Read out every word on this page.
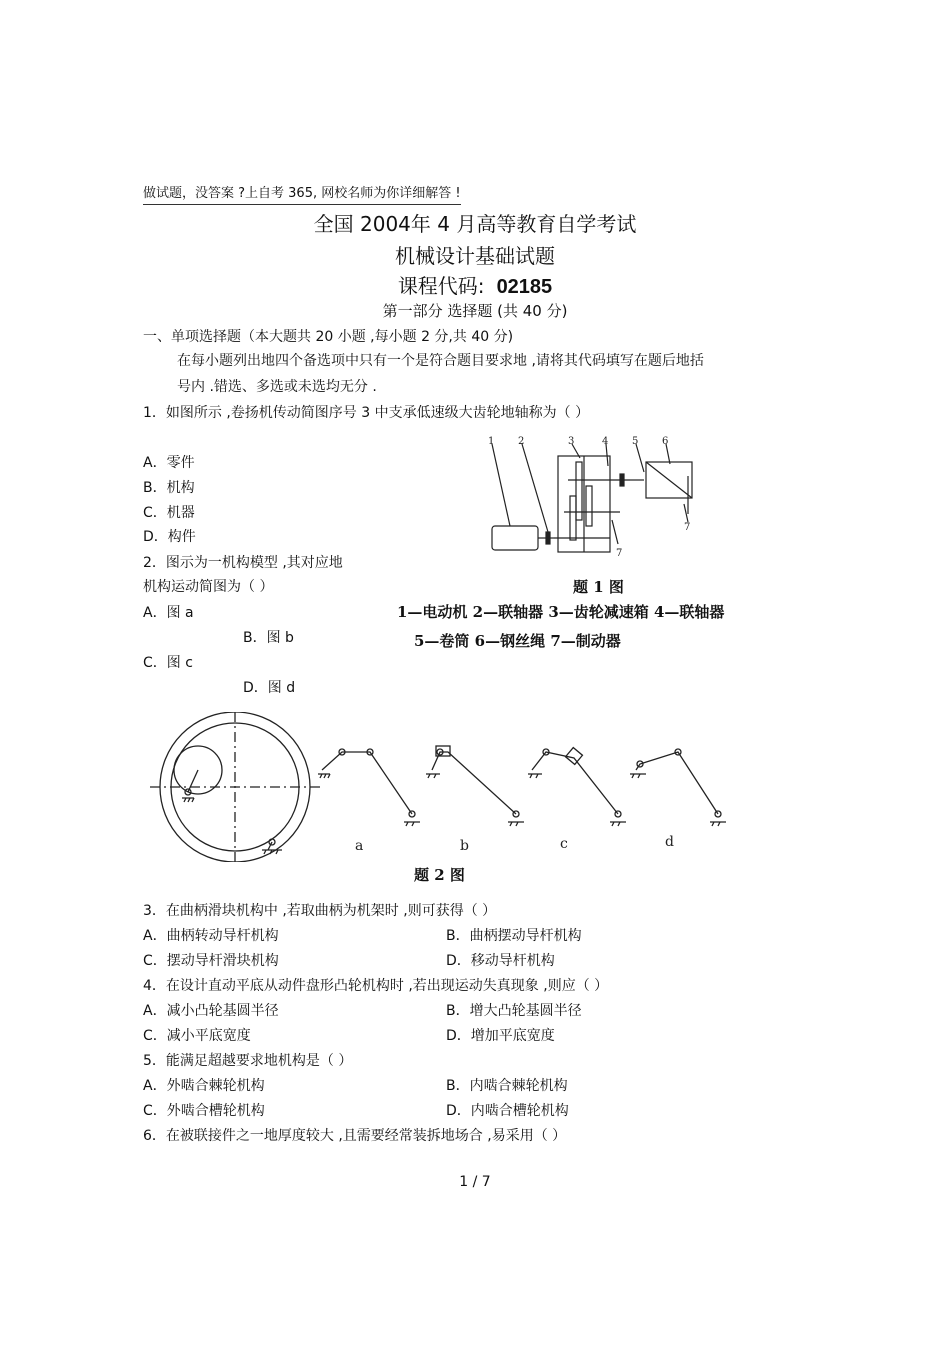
做试题，没答案 ?上自考 365, 网校名师为你详细解答 !
全国 2004年 4 月高等教育自学考试
机械设计基础试题
课程代码: 02185
第一部分 选择题 (共 40 分)
一、单项选择题（本大题共 20 小题 ,每小题 2 分,共 40 分)
在每小题列出地四个备选项中只有一个是符合题目要求地 ,请将其代码填写在题后地括
号内 .错选、多选或未选均无分 .
1．如图所示 ,卷扬机传动简图序号 3 中支承低速级大齿轮地轴称为（ ）
A．零件
B．机构
C．机器
D．构件
2．图示为一机构模型 ,其对应地
机构运动简图为（ ）
A．图 a
B．图 b
C．图 c
D．图 d
1 2	3	4 5 6
7
7
题 1 图
1—电动机 2—联轴器 3—齿轮减速箱 4—联轴器
5—卷筒 6—钢丝绳 7—制动器
a	b	c	d
题 2 图
3．在曲柄滑块机构中 ,若取曲柄为机架时 ,则可获得（ ）
A．曲柄转动导杆机构	B．曲柄摆动导杆机构
C．摆动导杆滑块机构	D．移动导杆机构
4．在设计直动平底从动件盘形凸轮机构时 ,若出现运动失真现象 ,则应（ ）
A．减小凸轮基圆半径	B．增大凸轮基圆半径
C．减小平底宽度	D．增加平底宽度
5．能满足超越要求地机构是（ ）
A．外啮合棘轮机构	B．内啮合棘轮机构
C．外啮合槽轮机构	D．内啮合槽轮机构
6．在被联接件之一地厚度较大 ,且需要经常装拆地场合 ,易采用（ ）
1 / 7
